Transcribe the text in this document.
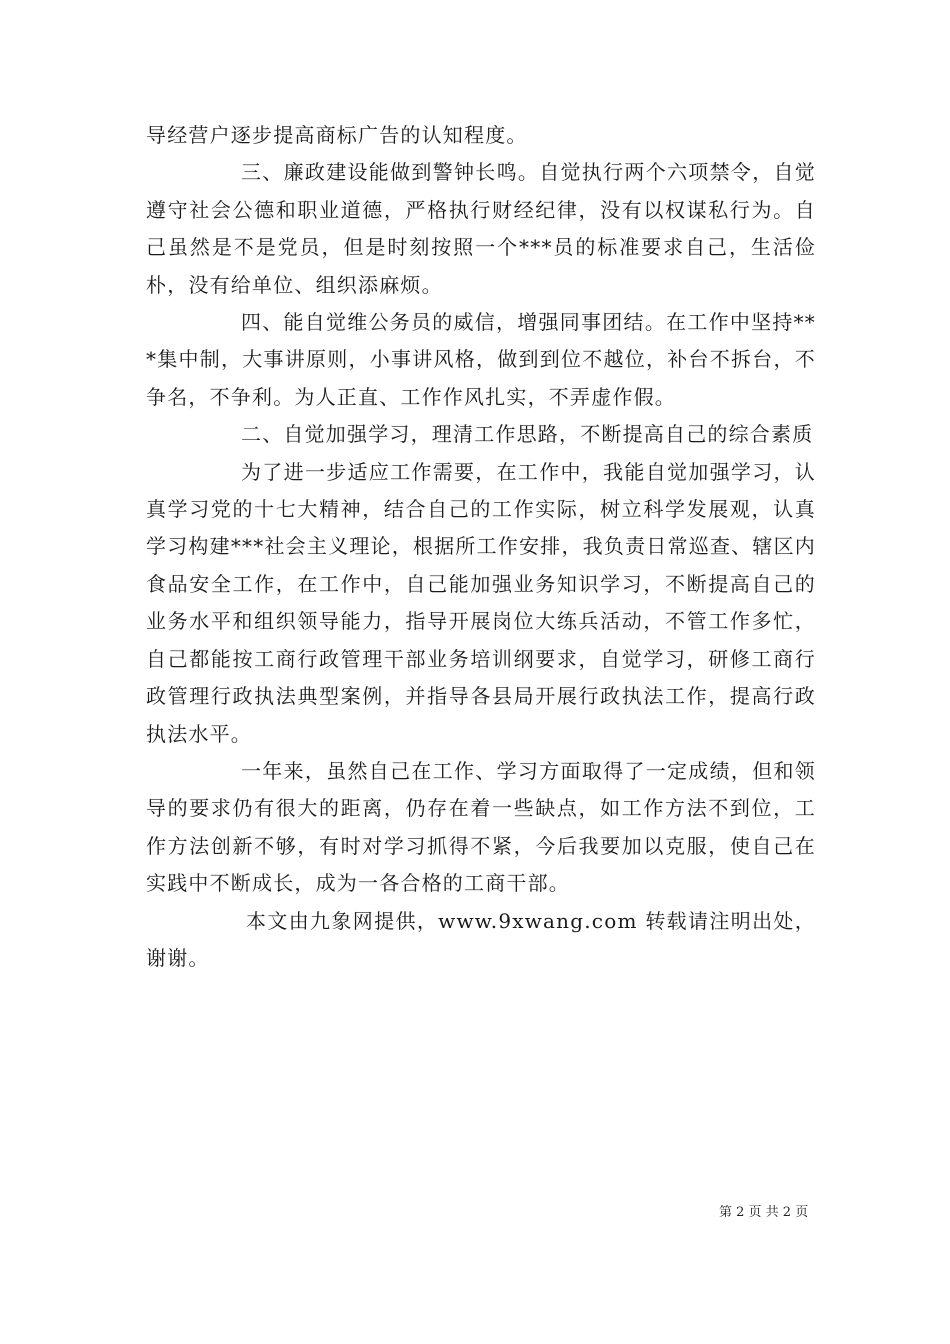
导经营户逐步提高商标广告的认知程度。

三、廉政建设能做到警钟长鸣。自觉执行两个六项禁令，自觉遵守社会公德和职业道德，严格执行财经纪律，没有以权谋私行为。自己虽然是不是党员，但是时刻按照一个***员的标准要求自己，生活俭朴，没有给单位、组织添麻烦。

四、能自觉维公务员的威信，增强同事团结。在工作中坚持***集中制，大事讲原则，小事讲风格，做到到位不越位，补台不拆台，不争名，不争利。为人正直、工作作风扎实，不弄虚作假。

二、自觉加强学习，理清工作思路，不断提高自己的综合素质

为了进一步适应工作需要，在工作中，我能自觉加强学习，认真学习党的十七大精神，结合自己的工作实际，树立科学发展观，认真学习构建***社会主义理论，根据所工作安排，我负责日常巡查、辖区内食品安全工作，在工作中，自己能加强业务知识学习，不断提高自己的业务水平和组织领导能力，指导开展岗位大练兵活动，不管工作多忙，自己都能按工商行政管理干部业务培训纲要求，自觉学习，研修工商行政管理行政执法典型案例，并指导各县局开展行政执法工作，提高行政执法水平。

一年来，虽然自己在工作、学习方面取得了一定成绩，但和领导的要求仍有很大的距离，仍存在着一些缺点，如工作方法不到位，工作方法创新不够，有时对学习抓得不紧，今后我要加以克服，使自己在实践中不断成长，成为一各合格的工商干部。

本文由九象网提供，www.9xwang.com 转载请注明出处，谢谢。

第 2 页 共 2 页
